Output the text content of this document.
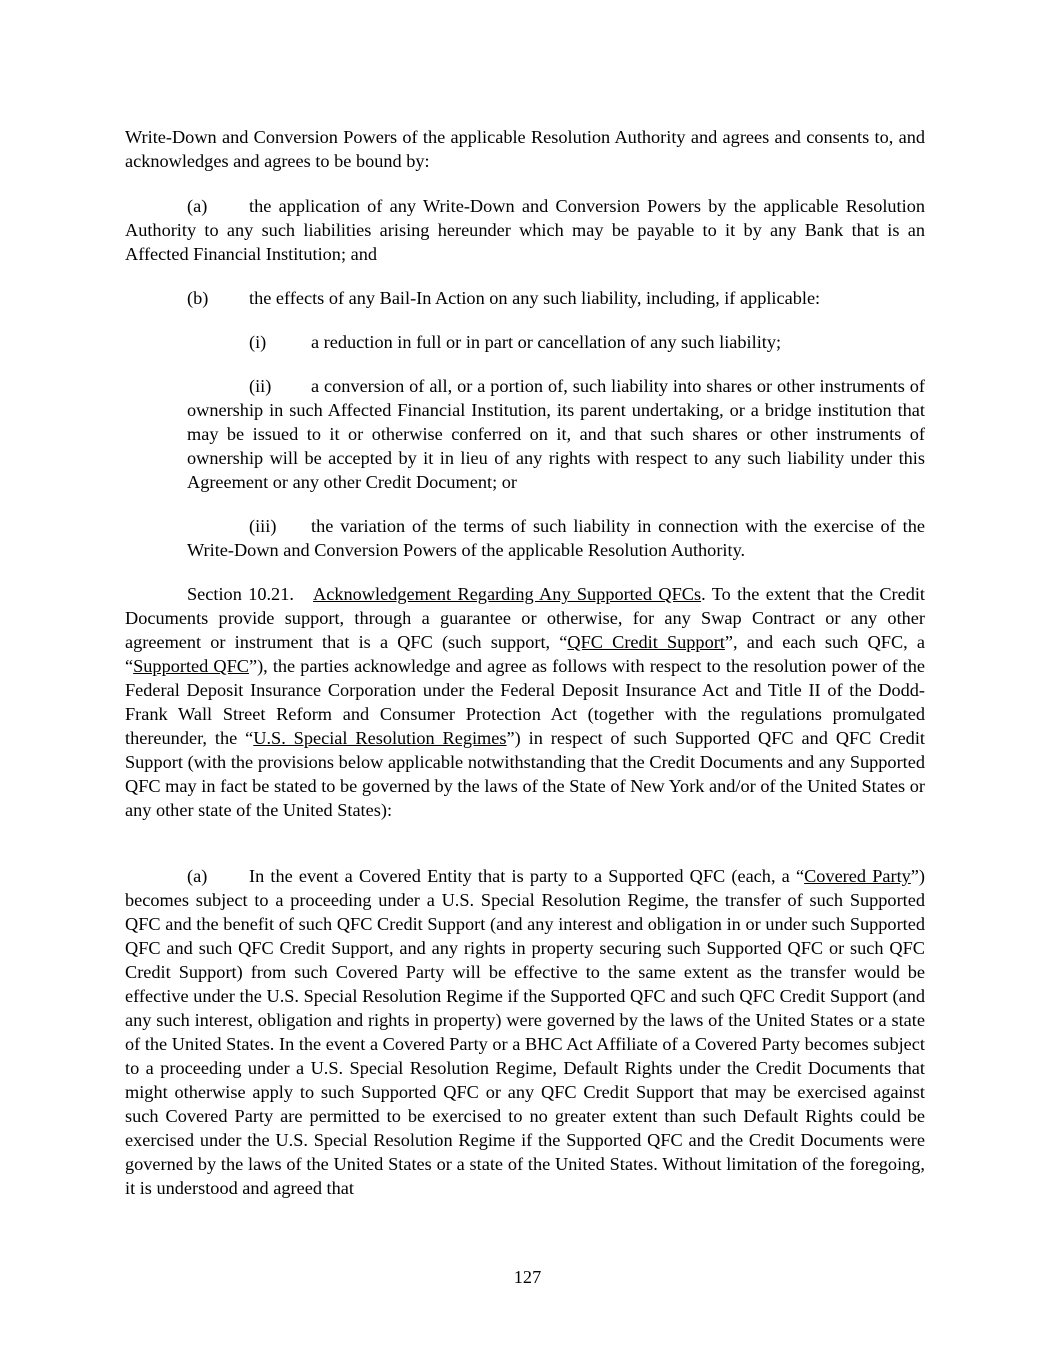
Write-Down and Conversion Powers of the applicable Resolution Authority and agrees and consents to, and acknowledges and agrees to be bound by:

(a) the application of any Write-Down and Conversion Powers by the applicable Resolution Authority to any such liabilities arising hereunder which may be payable to it by any Bank that is an Affected Financial Institution; and

(b) the effects of any Bail-In Action on any such liability, including, if applicable:

(i) a reduction in full or in part or cancellation of any such liability;

(ii) a conversion of all, or a portion of, such liability into shares or other instruments of ownership in such Affected Financial Institution, its parent undertaking, or a bridge institution that may be issued to it or otherwise conferred on it, and that such shares or other instruments of ownership will be accepted by it in lieu of any rights with respect to any such liability under this Agreement or any other Credit Document; or

(iii) the variation of the terms of such liability in connection with the exercise of the Write-Down and Conversion Powers of the applicable Resolution Authority.

Section 10.21. Acknowledgement Regarding Any Supported QFCs. To the extent that the Credit Documents provide support, through a guarantee or otherwise, for any Swap Contract or any other agreement or instrument that is a QFC (such support, “QFC Credit Support”, and each such QFC, a “Supported QFC”), the parties acknowledge and agree as follows with respect to the resolution power of the Federal Deposit Insurance Corporation under the Federal Deposit Insurance Act and Title II of the Dodd-Frank Wall Street Reform and Consumer Protection Act (together with the regulations promulgated thereunder, the “U.S. Special Resolution Regimes”) in respect of such Supported QFC and QFC Credit Support (with the provisions below applicable notwithstanding that the Credit Documents and any Supported QFC may in fact be stated to be governed by the laws of the State of New York and/or of the United States or any other state of the United States):

(a) In the event a Covered Entity that is party to a Supported QFC (each, a “Covered Party”) becomes subject to a proceeding under a U.S. Special Resolution Regime, the transfer of such Supported QFC and the benefit of such QFC Credit Support (and any interest and obligation in or under such Supported QFC and such QFC Credit Support, and any rights in property securing such Supported QFC or such QFC Credit Support) from such Covered Party will be effective to the same extent as the transfer would be effective under the U.S. Special Resolution Regime if the Supported QFC and such QFC Credit Support (and any such interest, obligation and rights in property) were governed by the laws of the United States or a state of the United States. In the event a Covered Party or a BHC Act Affiliate of a Covered Party becomes subject to a proceeding under a U.S. Special Resolution Regime, Default Rights under the Credit Documents that might otherwise apply to such Supported QFC or any QFC Credit Support that may be exercised against such Covered Party are permitted to be exercised to no greater extent than such Default Rights could be exercised under the U.S. Special Resolution Regime if the Supported QFC and the Credit Documents were governed by the laws of the United States or a state of the United States. Without limitation of the foregoing, it is understood and agreed that

127
